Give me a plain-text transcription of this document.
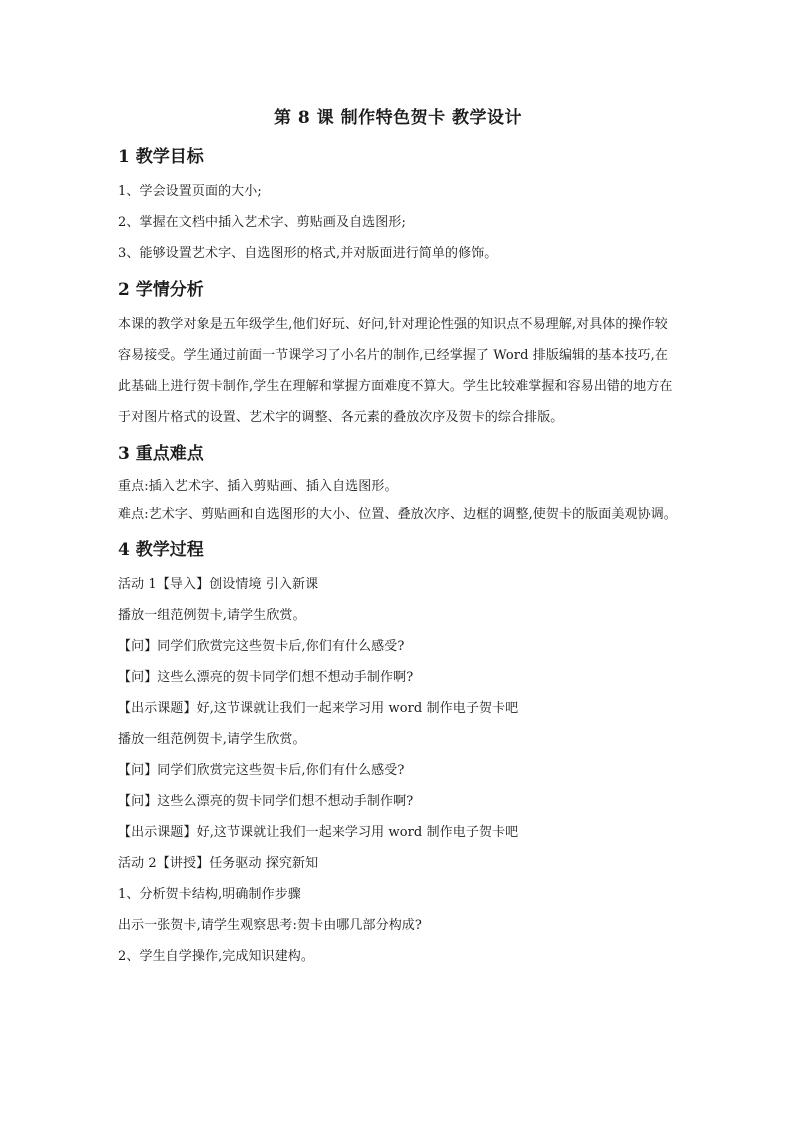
第 8 课 制作特色贺卡 教学设计
1 教学目标

1、学会设置页面的大小;

2、掌握在文档中插入艺术字、剪贴画及自选图形;

3、能够设置艺术字、自选图形的格式,并对版面进行简单的修饰。

2 学情分析

本课的教学对象是五年级学生,他们好玩、好问,针对理论性强的知识点不易理解,对具体的操作较容易接受。学生通过前面一节课学习了小名片的制作,已经掌握了 Word 排版编辑的基本技巧,在此基础上进行贺卡制作,学生在理解和掌握方面难度不算大。学生比较难掌握和容易出错的地方在于对图片格式的设置、艺术字的调整、各元素的叠放次序及贺卡的综合排版。

3 重点难点

重点:插入艺术字、插入剪贴画、插入自选图形。

难点:艺术字、剪贴画和自选图形的大小、位置、叠放次序、边框的调整,使贺卡的版面美观协调。

4 教学过程

活动 1【导入】创设情境 引入新课

播放一组范例贺卡,请学生欣赏。

【问】同学们欣赏完这些贺卡后,你们有什么感受?

【问】这些么漂亮的贺卡同学们想不想动手制作啊?

【出示课题】好,这节课就让我们一起来学习用 word 制作电子贺卡吧

播放一组范例贺卡,请学生欣赏。

【问】同学们欣赏完这些贺卡后,你们有什么感受?

【问】这些么漂亮的贺卡同学们想不想动手制作啊?

【出示课题】好,这节课就让我们一起来学习用 word 制作电子贺卡吧

活动 2【讲授】任务驱动 探究新知

1、分析贺卡结构,明确制作步骤

出示一张贺卡,请学生观察思考:贺卡由哪几部分构成?

2、学生自学操作,完成知识建构。
